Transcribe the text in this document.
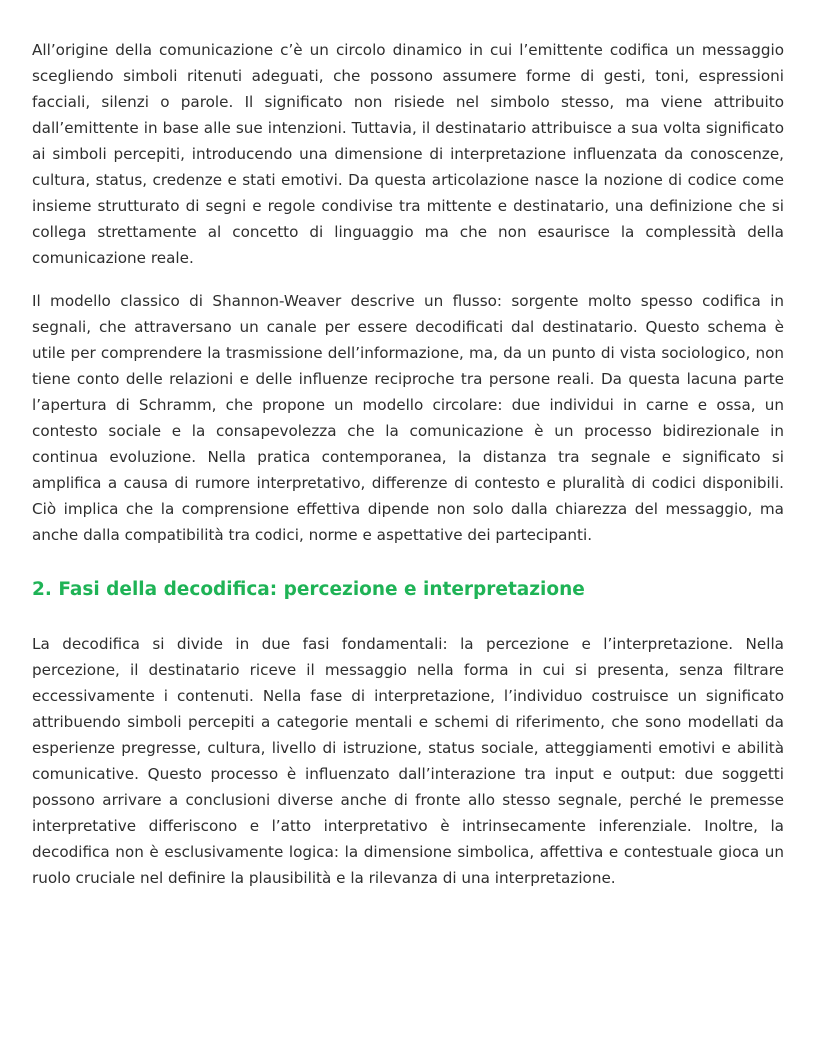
All’origine della comunicazione c’è un circolo dinamico in cui l’emittente codifica un messaggio scegliendo simboli ritenuti adeguati, che possono assumere forme di gesti, toni, espressioni facciali, silenzi o parole. Il significato non risiede nel simbolo stesso, ma viene attribuito dall’emittente in base alle sue intenzioni. Tuttavia, il destinatario attribuisce a sua volta significato ai simboli percepiti, introducendo una dimensione di interpretazione influenzata da conoscenze, cultura, status, credenze e stati emotivi. Da questa articolazione nasce la nozione di codice come insieme strutturato di segni e regole condivise tra mittente e destinatario, una definizione che si collega strettamente al concetto di linguaggio ma che non esaurisce la complessità della comunicazione reale.

Il modello classico di Shannon-Weaver descrive un flusso: sorgente molto spesso codifica in segnali, che attraversano un canale per essere decodificati dal destinatario. Questo schema è utile per comprendere la trasmissione dell’informazione, ma, da un punto di vista sociologico, non tiene conto delle relazioni e delle influenze reciproche tra persone reali. Da questa lacuna parte l’apertura di Schramm, che propone un modello circolare: due individui in carne e ossa, un contesto sociale e la consapevolezza che la comunicazione è un processo bidirezionale in continua evoluzione. Nella pratica contemporanea, la distanza tra segnale e significato si amplifica a causa di rumore interpretativo, differenze di contesto e pluralità di codici disponibili. Ciò implica che la comprensione effettiva dipende non solo dalla chiarezza del messaggio, ma anche dalla compatibilità tra codici, norme e aspettative dei partecipanti.

2. Fasi della decodifica: percezione e interpretazione

La decodifica si divide in due fasi fondamentali: la percezione e l’interpretazione. Nella percezione, il destinatario riceve il messaggio nella forma in cui si presenta, senza filtrare eccessivamente i contenuti. Nella fase di interpretazione, l’individuo costruisce un significato attribuendo simboli percepiti a categorie mentali e schemi di riferimento, che sono modellati da esperienze pregresse, cultura, livello di istruzione, status sociale, atteggiamenti emotivi e abilità comunicative. Questo processo è influenzato dall’interazione tra input e output: due soggetti possono arrivare a conclusioni diverse anche di fronte allo stesso segnale, perché le premesse interpretative differiscono e l’atto interpretativo è intrinsecamente inferenziale. Inoltre, la decodifica non è esclusivamente logica: la dimensione simbolica, affettiva e contestuale gioca un ruolo cruciale nel definire la plausibilità e la rilevanza di una interpretazione.
